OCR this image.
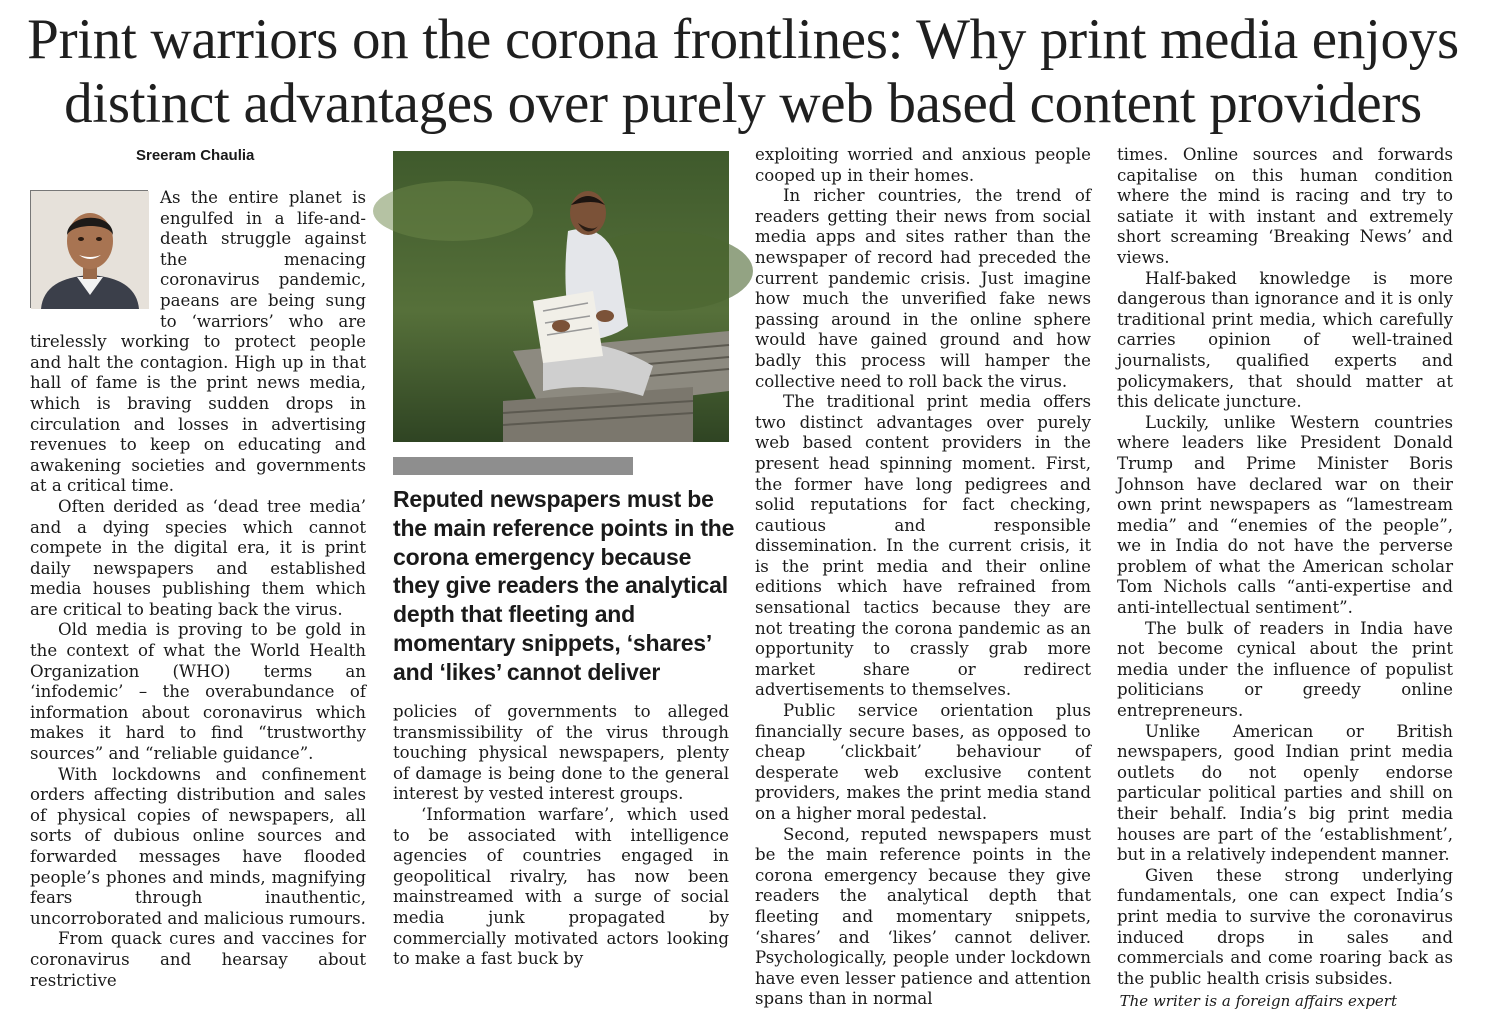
Print warriors on the corona frontlines: Why print media enjoys
distinct advantages over purely web based content providers
Sreeram Chaulia

As the entire planet is engulfed in a life-and-death struggle against the menacing coronavirus pandemic, paeans are being sung to ‘warriors’ who are tirelessly working to protect people and halt the contagion. High up in that hall of fame is the print news media, which is braving sudden drops in circulation and losses in advertising revenues to keep on educating and awakening societies and governments at a critical time.

Often derided as ‘dead tree media’ and a dying species which cannot compete in the digital era, it is print daily newspapers and established media houses publishing them which are critical to beating back the virus.

Old media is proving to be gold in the context of what the World Health Organization (WHO) terms an ‘infodemic’ – the overabundance of information about coronavirus which makes it hard to find “trustworthy sources” and “reliable guidance”.

With lockdowns and confinement orders affecting distribution and sales of physical copies of newspapers, all sorts of dubious online sources and forwarded messages have flooded people’s phones and minds, magnifying fears through inauthentic, uncorroborated and malicious rumours.

From quack cures and vaccines for coronavirus and hearsay about restrictive

Reputed newspapers must be the main reference points in the corona emergency because they give readers the analytical depth that fleeting and momentary snippets, ‘shares’ and ‘likes’ cannot deliver

policies of governments to alleged transmissibility of the virus through touching physical newspapers, plenty of damage is being done to the general interest by vested interest groups.

‘Information warfare’, which used to be associated with intelligence agencies of countries engaged in geopolitical rivalry, has now been mainstreamed with a surge of social media junk propagated by commercially motivated actors looking to make a fast buck by

exploiting worried and anxious people cooped up in their homes.

In richer countries, the trend of readers getting their news from social media apps and sites rather than the newspaper of record had preceded the current pandemic crisis. Just imagine how much the unverified fake news passing around in the online sphere would have gained ground and how badly this process will hamper the collective need to roll back the virus.

The traditional print media offers two distinct advantages over purely web based content providers in the present head spinning moment. First, the former have long pedigrees and solid reputations for fact checking, cautious and responsible dissemination. In the current crisis, it is the print media and their online editions which have refrained from sensational tactics because they are not treating the corona pandemic as an opportunity to crassly grab more market share or redirect advertisements to themselves.

Public service orientation plus financially secure bases, as opposed to cheap ‘clickbait’ behaviour of desperate web exclusive content providers, makes the print media stand on a higher moral pedestal.

Second, reputed newspapers must be the main reference points in the corona emergency because they give readers the analytical depth that fleeting and momentary snippets, ‘shares’ and ‘likes’ cannot deliver. Psychologically, people under lockdown have even lesser patience and attention spans than in normal

times. Online sources and forwards capitalise on this human condition where the mind is racing and try to satiate it with instant and extremely short screaming ‘Breaking News’ and views.

Half-baked knowledge is more dangerous than ignorance and it is only traditional print media, which carefully carries opinion of well-trained journalists, qualified experts and policymakers, that should matter at this delicate juncture.

Luckily, unlike Western countries where leaders like President Donald Trump and Prime Minister Boris Johnson have declared war on their own print newspapers as “lamestream media” and “enemies of the people”, we in India do not have the perverse problem of what the American scholar Tom Nichols calls “anti-expertise and anti-intellectual sentiment”.

The bulk of readers in India have not become cynical about the print media under the influence of populist politicians or greedy online entrepreneurs.

Unlike American or British newspapers, good Indian print media outlets do not openly endorse particular political parties and shill on their behalf. India’s big print media houses are part of the ‘establishment’, but in a relatively independent manner.

Given these strong underlying fundamentals, one can expect India’s print media to survive the coronavirus induced drops in sales and commercials and come roaring back as the public health crisis subsides.

The writer is a foreign affairs expert
